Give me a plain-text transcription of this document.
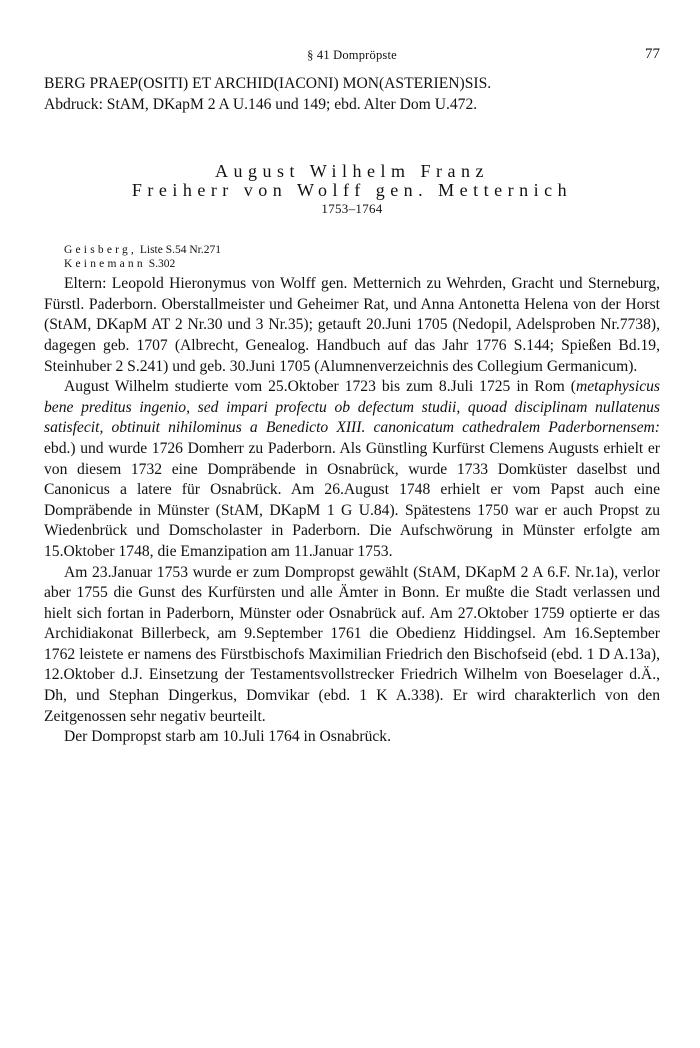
§ 41 Dompröpste	77

BERG PRAEP(OSITI) ET ARCHID(IACONI) MON(ASTERIEN)SIS.

Abdruck: StAM, DKapM 2 A U.146 und 149; ebd. Alter Dom U.472.

August Wilhelm Franz
Freiherr von Wolff gen. Metternich
1753–1764
Geisberg, Liste S.54 Nr.271
Keinemann S.302

Eltern: Leopold Hieronymus von Wolff gen. Metternich zu Wehrden, Gracht und Sterneburg, Fürstl. Paderborn. Oberstallmeister und Geheimer Rat, und Anna Antonetta Helena von der Horst (StAM, DKapM AT 2 Nr.30 und 3 Nr.35); getauft 20.Juni 1705 (Nedopil, Adelsproben Nr.7738), dagegen geb. 1707 (Albrecht, Genealog. Handbuch auf das Jahr 1776 S.144; Spießen Bd.19, Steinhuber 2 S.241) und geb. 30.Juni 1705 (Alumnenverzeichnis des Collegium Germanicum).

August Wilhelm studierte vom 25.Oktober 1723 bis zum 8.Juli 1725 in Rom (metaphysicus bene preditus ingenio, sed impari profectu ob defectum studii, quoad disciplinam nullatenus satisfecit, obtinuit nihilominus a Benedicto XIII. canonicatum cathedralem Paderbornensem: ebd.) und wurde 1726 Domherr zu Paderborn. Als Günstling Kurfürst Clemens Augusts erhielt er von diesem 1732 eine Dompräbende in Osnabrück, wurde 1733 Domküster daselbst und Canonicus a latere für Osnabrück. Am 26.August 1748 erhielt er vom Papst auch eine Dompräbende in Münster (StAM, DKapM 1 G U.84). Spätestens 1750 war er auch Propst zu Wiedenbrück und Domscholaster in Paderborn. Die Aufschwörung in Münster erfolgte am 15.Oktober 1748, die Emanzipation am 11.Januar 1753.

Am 23.Januar 1753 wurde er zum Dompropst gewählt (StAM, DKapM 2 A 6.F. Nr.1a), verlor aber 1755 die Gunst des Kurfürsten und alle Ämter in Bonn. Er mußte die Stadt verlassen und hielt sich fortan in Paderborn, Münster oder Osnabrück auf. Am 27.Oktober 1759 optierte er das Archidiakonat Billerbeck, am 9.September 1761 die Obedienz Hiddingsel. Am 16.September 1762 leistete er namens des Fürstbischofs Maximilian Friedrich den Bischofseid (ebd. 1 D A.13a), 12.Oktober d.J. Einsetzung der Testamentsvollstrecker Friedrich Wilhelm von Boeselager d.Ä., Dh, und Stephan Dingerkus, Domvikar (ebd. 1 K A.338). Er wird charakterlich von den Zeitgenossen sehr negativ beurteilt.

Der Dompropst starb am 10.Juli 1764 in Osnabrück.
